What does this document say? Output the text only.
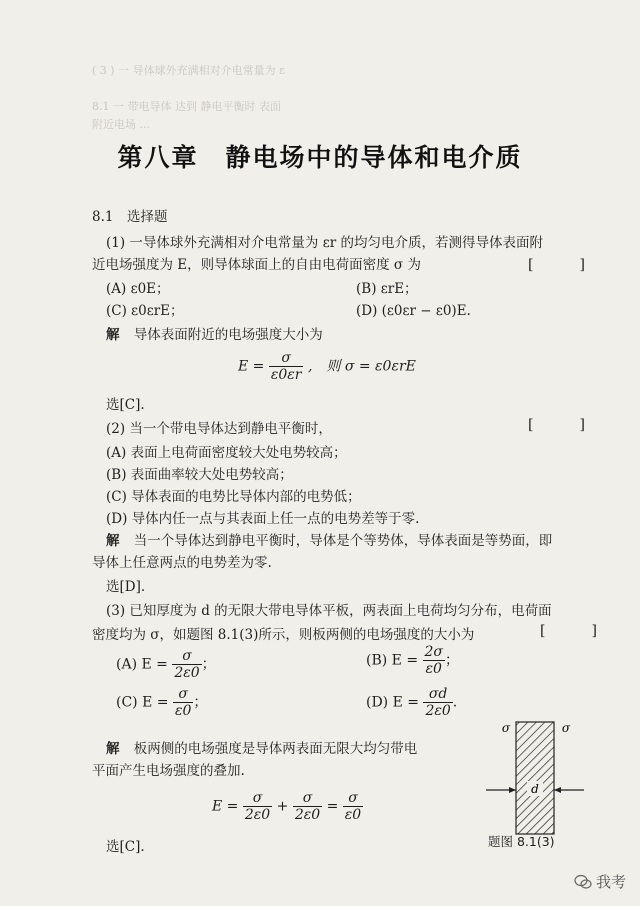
( 3 ) 一 导体球外充满相对介电常量为 ε
8.1 一 带电导体 达到 静电平衡时 表面
附近电场 ...
第八章　静电场中的导体和电介质
8.1　选择题
(1) 一导体球外充满相对介电常量为 εr 的均匀电介质，若测得导体表面附
近电场强度为 E，则导体球面上的自由电荷面密度 σ 为	[　　]
(A) ε0E；	(B) εrE；
(C) ε0εrE；	(D) (ε0εr − ε0)E.
解 导体表面附近的电场强度大小为
$E = \frac{\sigma}{\varepsilon 0\varepsilon r}$ ,　则 σ = ε0εrE
选[C].
(2) 当一个带电导体达到静电平衡时，	[　　]
(A) 表面上电荷面密度较大处电势较高；
(B) 表面曲率较大处电势较高；
(C) 导体表面的电势比导体内部的电势低；
(D) 导体内任一点与其表面上任一点的电势差等于零.
解 当一个导体达到静电平衡时，导体是个等势体，导体表面是等势面，即
导体上任意两点的电势差为零.
选[D].
(3) 已知厚度为 d 的无限大带电导体平板，两表面上电荷均匀分布，电荷面
密度均为 σ，如题图 8.1(3)所示，则板两侧的电场强度的大小为	[　　]
(A) $E = \frac{\sigma}{2\varepsilon 0}$ ；	(B) $E = \frac{2\sigma}{\varepsilon 0}$ ；
(C) $E = \frac{\sigma}{\varepsilon 0}$ ；	(D) $E = \frac{\sigma d}{2\varepsilon 0}$ .
解 板两侧的电场强度是导体两表面无限大均匀带电
平面产生电场强度的叠加.
$E = \frac{\sigma}{2\varepsilon 0} + \frac{\sigma}{2\varepsilon 0} = \frac{\sigma}{\varepsilon 0}$
选[C].
d
σ	σ
题图 8.1(3)
我考
